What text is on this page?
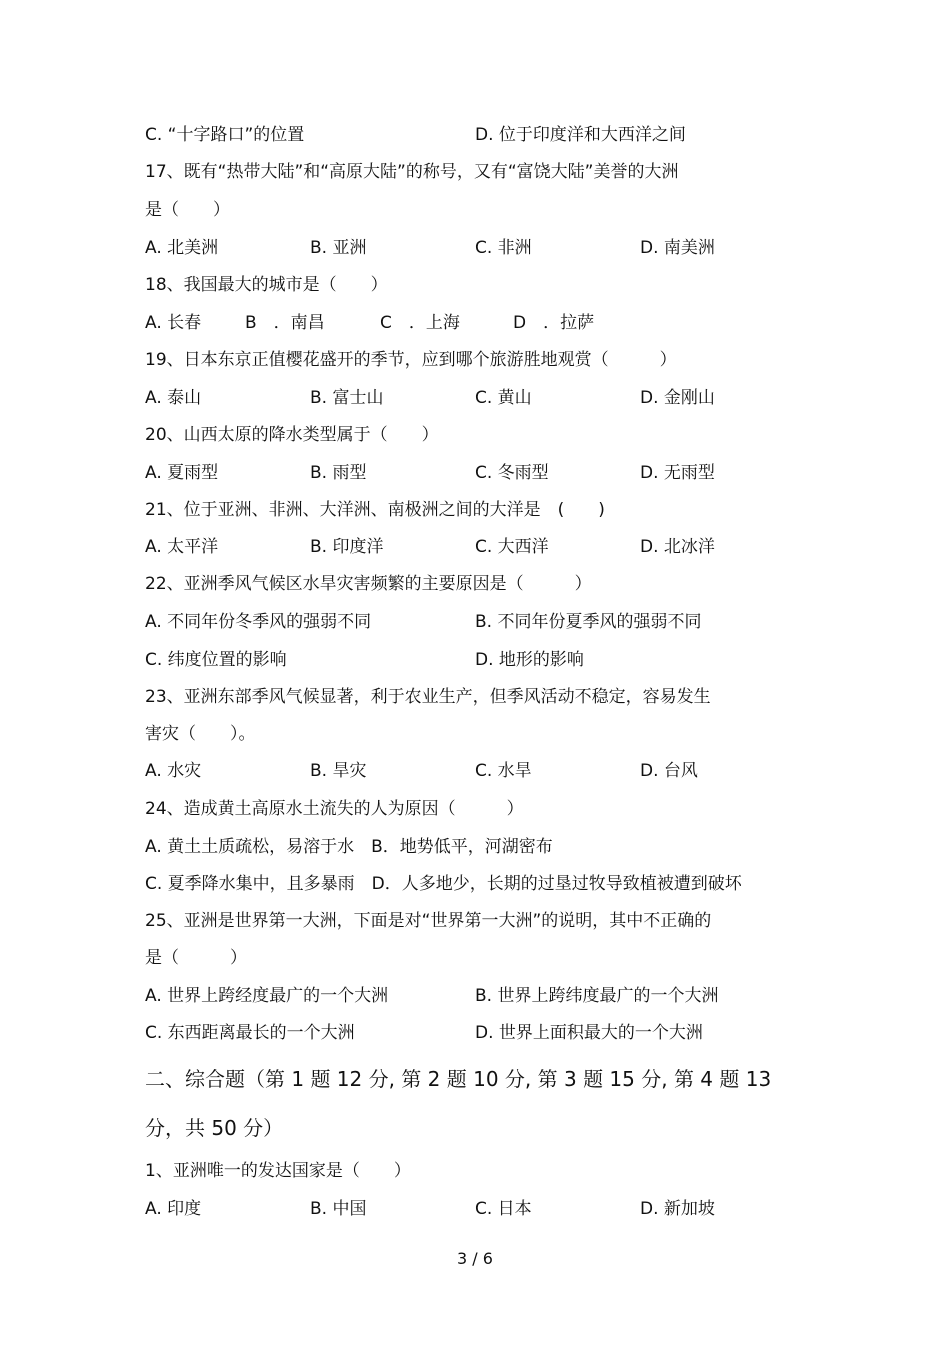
C. “十字路口”的位置	D. 位于印度洋和大西洋之间
17、既有“热带大陆”和“高原大陆”的称号，又有“富饶大陆”美誉的大洲
是（　　）
A. 北美洲	B. 亚洲	C. 非洲	D. 南美洲
18、我国最大的城市是（　　）
A. 长春	B　．南昌	C　．上海	D　．拉萨
19、日本东京正值樱花盛开的季节，应到哪个旅游胜地观赏（　　　）
A. 泰山	B. 富士山	C. 黄山	D. 金刚山
20、山西太原的降水类型属于（　　）
A. 夏雨型	B. 雨型	C. 冬雨型	D. 无雨型
21、位于亚洲、非洲、大洋洲、南极洲之间的大洋是　(　　)
A. 太平洋	B. 印度洋	C. 大西洋	D. 北冰洋
22、亚洲季风气候区水旱灾害频繁的主要原因是（　　　）
A. 不同年份冬季风的强弱不同	B. 不同年份夏季风的强弱不同
C. 纬度位置的影响	D. 地形的影响
23、亚洲东部季风气候显著，利于农业生产，但季风活动不稳定，容易发生
害灾（　　）。
A. 水灾	B. 旱灾	C. 水旱	D. 台风
24、造成黄土高原水土流失的人为原因（　　　）
A. 黄土土质疏松，易溶于水　B．地势低平，河湖密布
C. 夏季降水集中，且多暴雨　D．人多地少，长期的过垦过牧导致植被遭到破坏
25、亚洲是世界第一大洲，下面是对“世界第一大洲”的说明，其中不正确的
是（　　　）
A. 世界上跨经度最广的一个大洲	B. 世界上跨纬度最广的一个大洲
C. 东西距离最长的一个大洲	D. 世界上面积最大的一个大洲
二、综合题（第 1 题 12 分, 第 2 题 10 分, 第 3 题 15 分, 第 4 题 13
分，共 50 分）
1、亚洲唯一的发达国家是（　　）
A. 印度	B. 中国	C. 日本	D. 新加坡
3 / 6
